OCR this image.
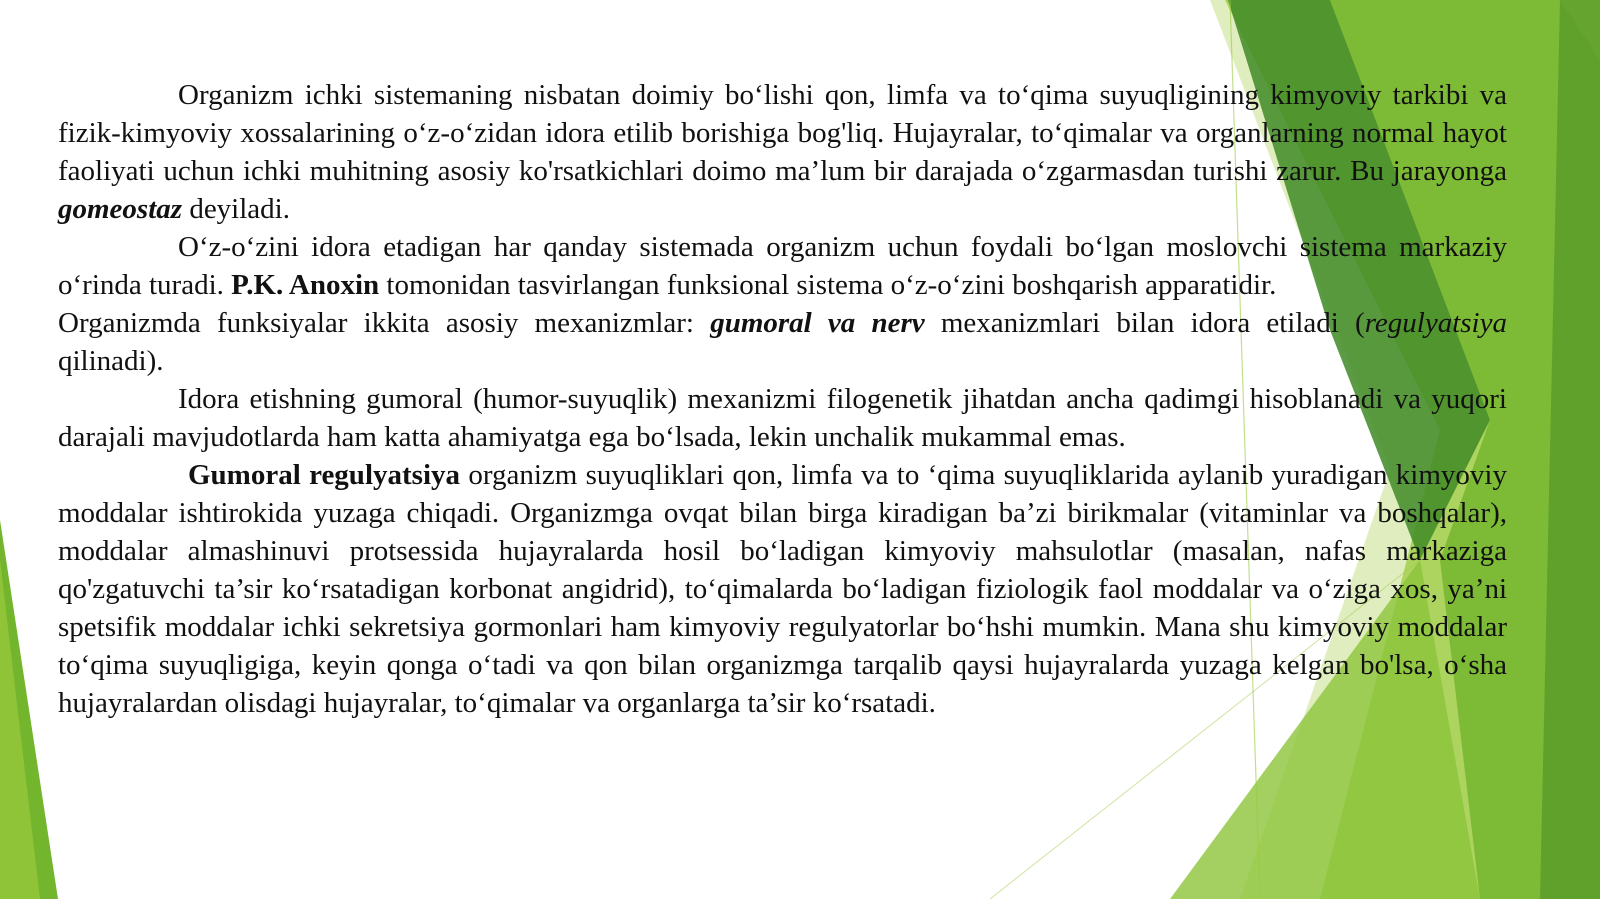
Organizm ichki sistemaning nisbatan doimiy bo‘lishi qon, limfa va to‘qima suyuqligining kimyoviy tarkibi va fizik-kimyoviy xossalarining o‘z-o‘zidan idora etilib borishiga bog'liq. Hujayralar, to‘qimalar va organlarning normal hayot faoliyati uchun ichki muhitning asosiy ko'rsatkichlari doimo ma’lum bir darajada o‘zgarmasdan turishi zarur. Bu jarayonga gomeostaz deyiladi.

O‘z-o‘zini idora etadigan har qanday sistemada organizm uchun foydali bo‘lgan moslovchi sistema markaziy o‘rinda turadi. P.K. Anoxin tomonidan tasvirlangan funksional sistema o‘z-o‘zini boshqarish apparatidir.

Organizmda funksiyalar ikkita asosiy mexanizmlar: gumoral va nerv mexanizmlari bilan idora etiladi (regulyatsiya qilinadi).

Idora etishning gumoral (humor-suyuqlik) mexanizmi filogenetik jihatdan ancha qadimgi hisoblanadi va yuqori darajali mavjudotlarda ham katta ahamiyatga ega bo‘lsada, lekin unchalik mukammal emas.

Gumoral regulyatsiya organizm suyuqliklari qon, limfa va to ‘qima suyuqliklarida aylanib yuradigan kimyoviy moddalar ishtirokida yuzaga chiqadi. Organizmga ovqat bilan birga kiradigan ba’zi birikmalar (vitaminlar va boshqalar), moddalar almashinuvi protsessida hujayralarda hosil bo‘ladigan kimyoviy mahsulotlar (masalan, nafas markaziga qo'zgatuvchi ta’sir ko‘rsatadigan korbonat angidrid), to‘qimalarda bo‘ladigan fiziologik faol moddalar va o‘ziga xos, ya’ni spetsifik moddalar ichki sekretsiya gormonlari ham kimyoviy regulyatorlar bo‘hshi mumkin. Mana shu kimyoviy moddalar to‘qima suyuqligiga, keyin qonga o‘tadi va qon bilan organizmga tarqalib qaysi hujayralarda yuzaga kelgan bo'lsa, o‘sha hujayralardan olisdagi hujayralar, to‘qimalar va organlarga ta’sir ko‘rsatadi.
